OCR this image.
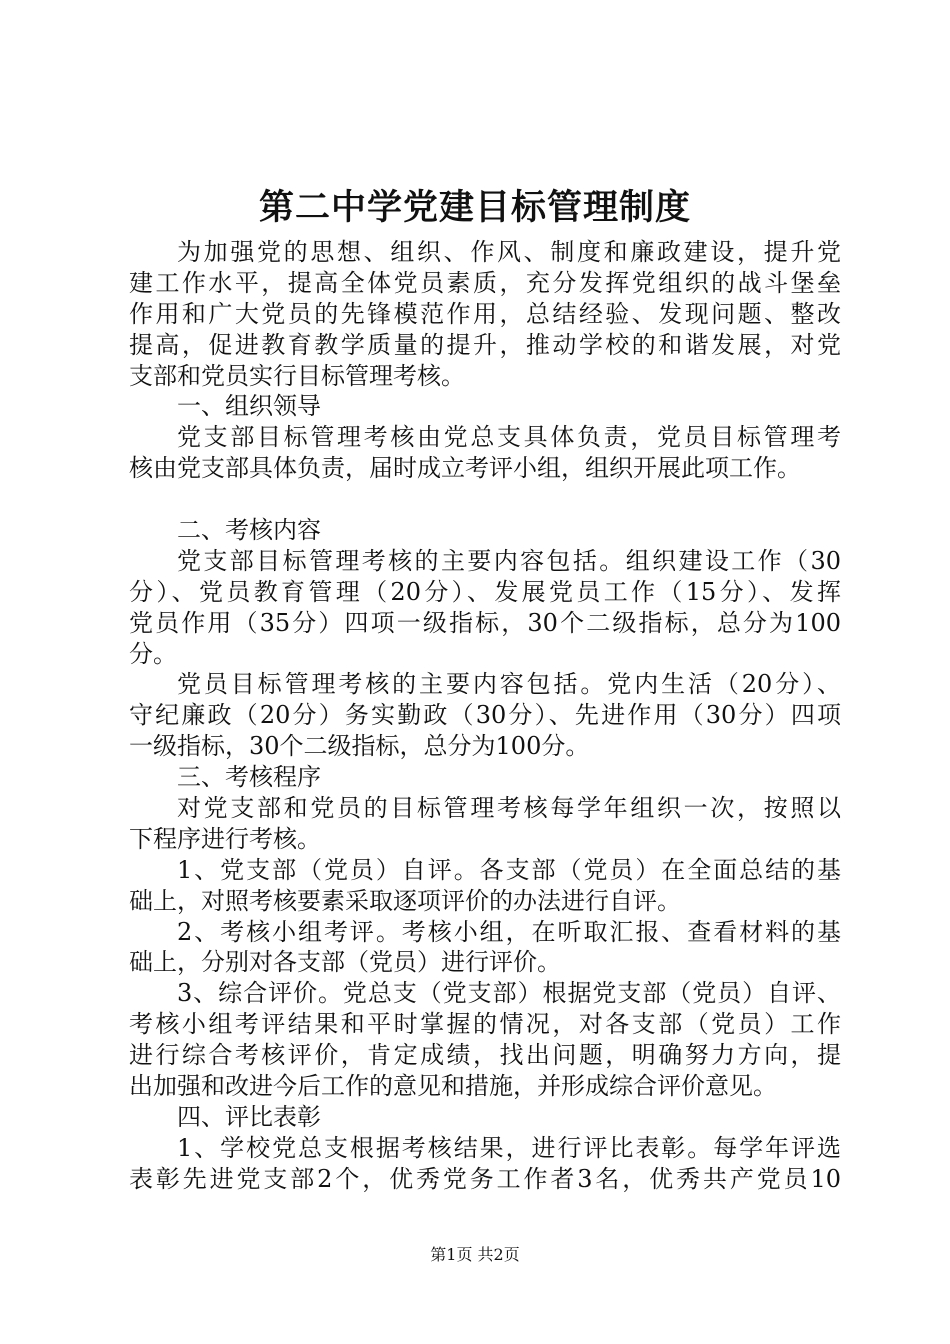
第二中学党建目标管理制度
为加强党的思想、组织、作风、制度和廉政建设，提升党
建工作水平，提高全体党员素质，充分发挥党组织的战斗堡垒
作用和广大党员的先锋模范作用，总结经验、发现问题、整改
提高，促进教育教学质量的提升，推动学校的和谐发展，对党
支部和党员实行目标管理考核。
一、组织领导
党支部目标管理考核由党总支具体负责，党员目标管理考
核由党支部具体负责，届时成立考评小组，组织开展此项工作。
二、考核内容
党支部目标管理考核的主要内容包括。组织建设工作（30
分）、党员教育管理（20分）、发展党员工作（15分）、发挥
党员作用（35分）四项一级指标，30个二级指标，总分为100
分。
党员目标管理考核的主要内容包括。党内生活（20分）、
守纪廉政（20分）务实勤政（30分）、先进作用（30分）四项
一级指标，30个二级指标，总分为100分。
三、考核程序
对党支部和党员的目标管理考核每学年组织一次，按照以
下程序进行考核。
1、党支部（党员）自评。各支部（党员）在全面总结的基
础上，对照考核要素采取逐项评价的办法进行自评。
2、考核小组考评。考核小组，在听取汇报、查看材料的基
础上，分别对各支部（党员）进行评价。
3、综合评价。党总支（党支部）根据党支部（党员）自评、
考核小组考评结果和平时掌握的情况，对各支部（党员）工作
进行综合考核评价，肯定成绩，找出问题，明确努力方向，提
出加强和改进今后工作的意见和措施，并形成综合评价意见。
四、评比表彰
1、学校党总支根据考核结果，进行评比表彰。每学年评选
表彰先进党支部2个，优秀党务工作者3名，优秀共产党员10
第1页 共2页
